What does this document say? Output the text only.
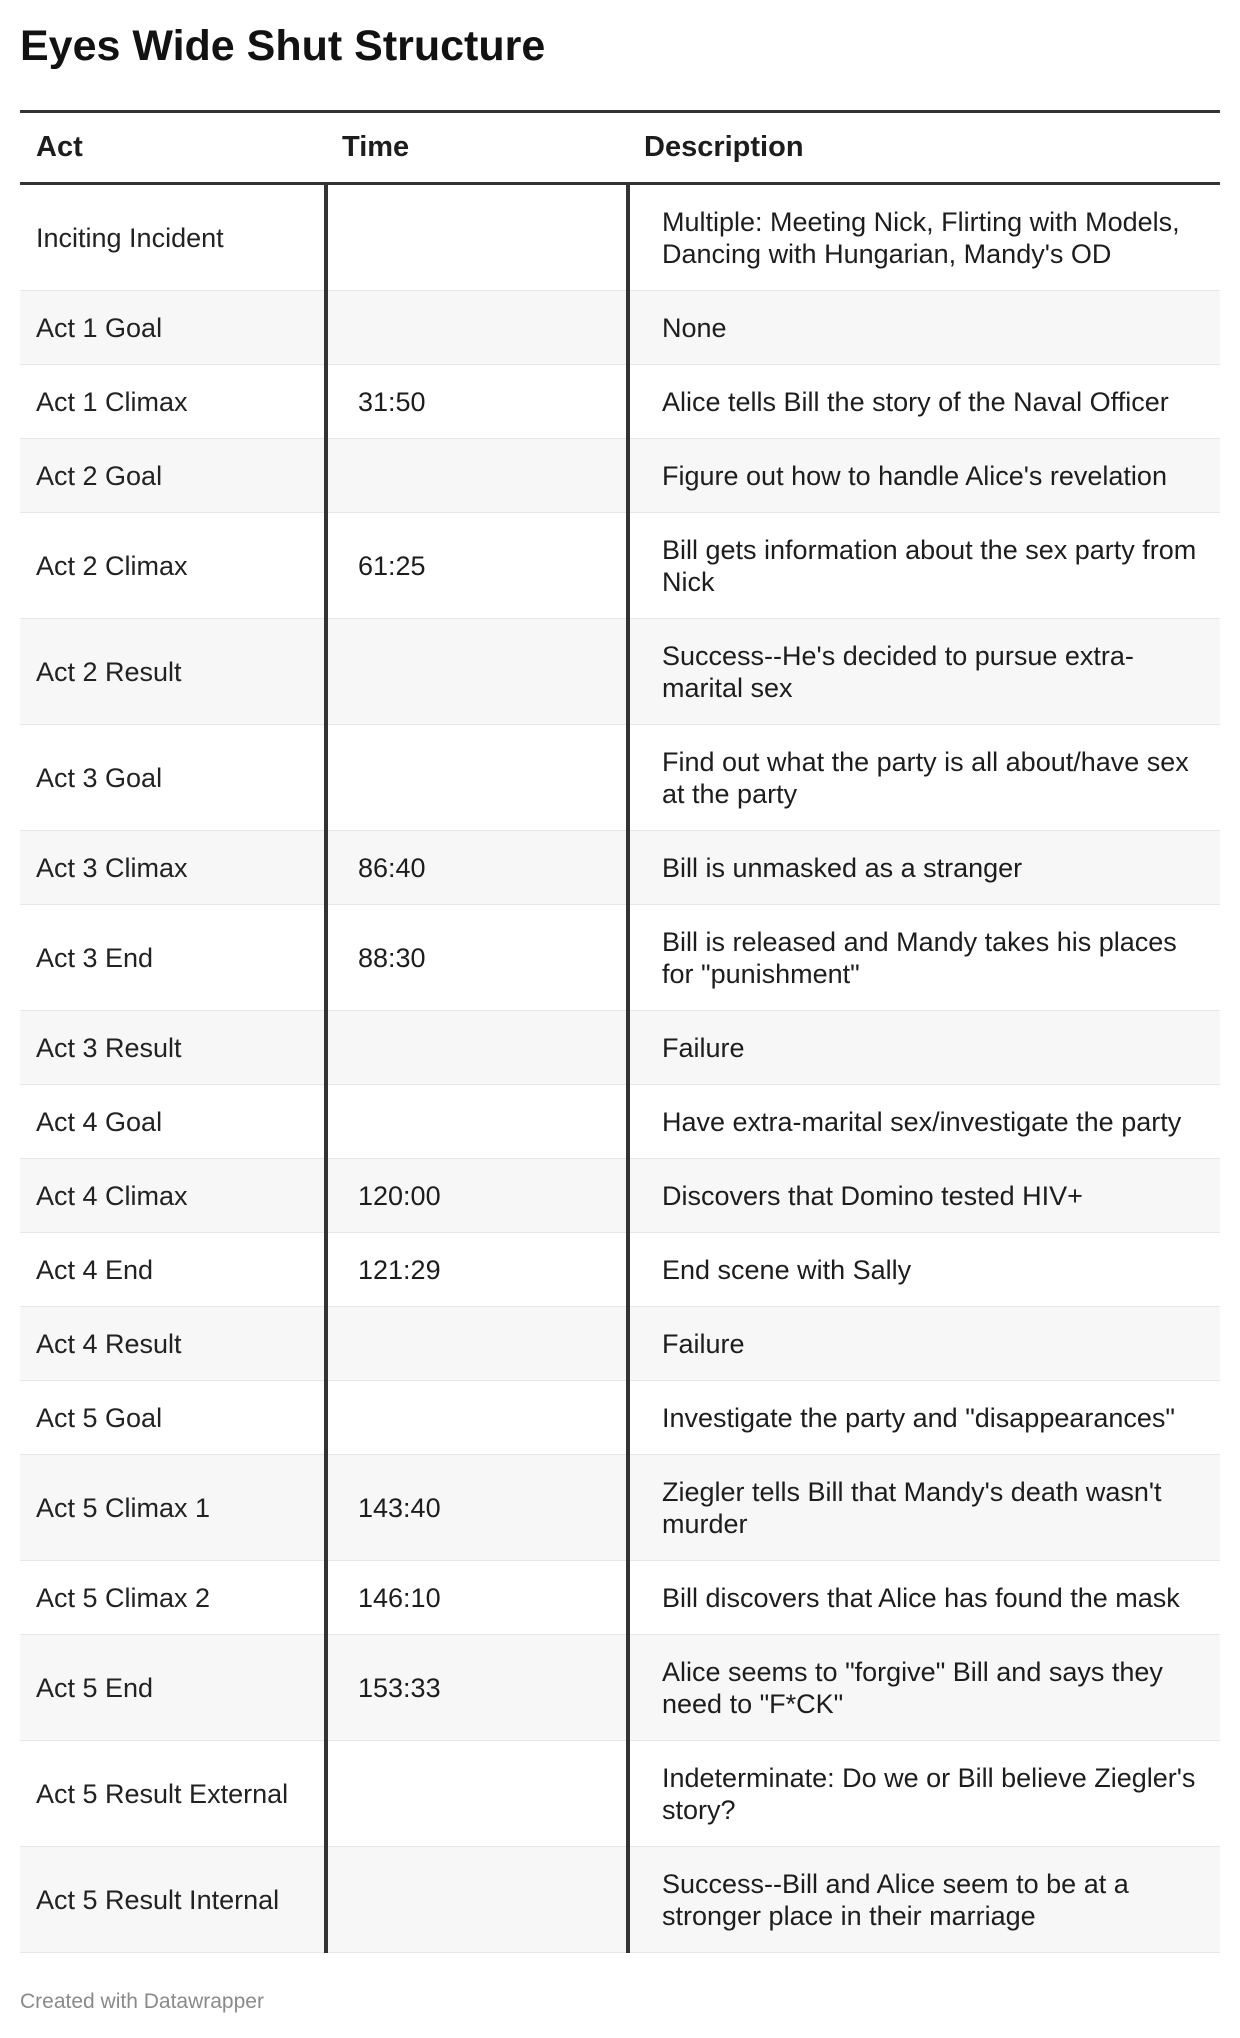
Eyes Wide Shut Structure
Act	Time	Description
Inciting Incident		Multiple: Meeting Nick, Flirting with Models, Dancing with Hungarian, Mandy's OD
Act 1 Goal		None
Act 1 Climax	31:50	Alice tells Bill the story of the Naval Officer
Act 2 Goal		Figure out how to handle Alice's revelation
Act 2 Climax	61:25	Bill gets information about the sex party from Nick
Act 2 Result		Success--He's decided to pursue extra-marital sex
Act 3 Goal		Find out what the party is all about/have sex at the party
Act 3 Climax	86:40	Bill is unmasked as a stranger
Act 3 End	88:30	Bill is released and Mandy takes his places for "punishment"
Act 3 Result		Failure
Act 4 Goal		Have extra-marital sex/investigate the party
Act 4 Climax	120:00	Discovers that Domino tested HIV+
Act 4 End	121:29	End scene with Sally
Act 4 Result		Failure
Act 5 Goal		Investigate the party and "disappearances"
Act 5 Climax 1	143:40	Ziegler tells Bill that Mandy's death wasn't murder
Act 5 Climax 2	146:10	Bill discovers that Alice has found the mask
Act 5 End	153:33	Alice seems to "forgive" Bill and says they need to "F*CK"
Act 5 Result External		Indeterminate: Do we or Bill believe Ziegler's story?
Act 5 Result Internal		Success--Bill and Alice seem to be at a stronger place in their marriage
Created with Datawrapper
